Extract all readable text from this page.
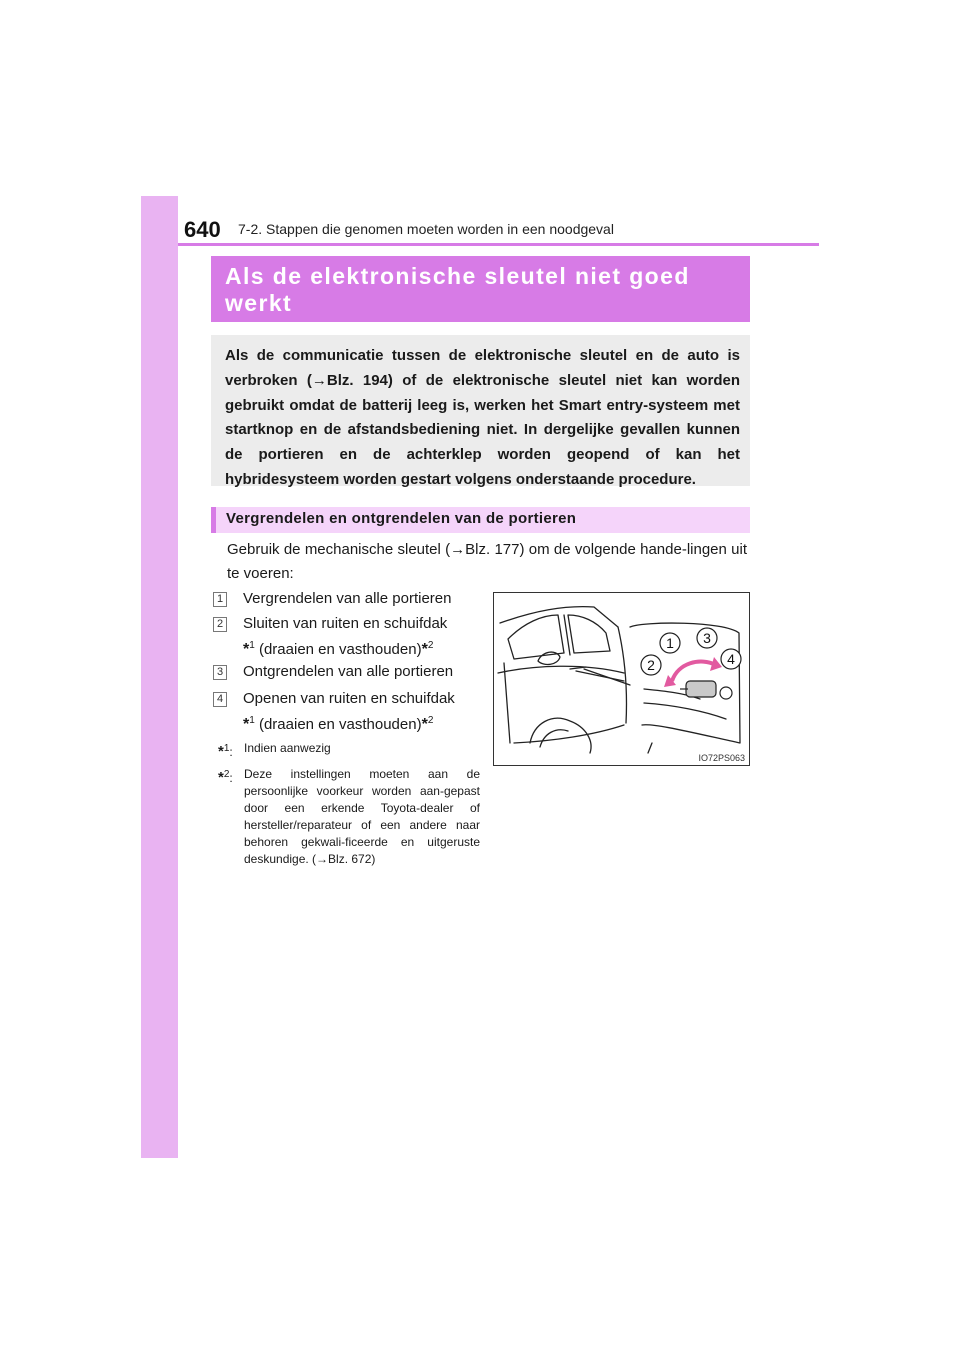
640 7-2. Stappen die genomen moeten worden in een noodgeval
Als de elektronische sleutel niet goed
werkt

Als de communicatie tussen de elektronische sleutel en de auto is verbroken (→Blz. 194) of de elektronische sleutel niet kan worden gebruikt omdat de batterij leeg is, werken het Smart entry-systeem met startknop en de afstandsbediening niet. In dergelijke gevallen kunnen de portieren en de achterklep worden geopend of kan het hybridesysteem worden gestart volgens onderstaande procedure.

Vergrendelen en ontgrendelen van de portieren
Gebruik de mechanische sleutel (→Blz. 177) om de volgende hande-lingen uit te voeren:
1 Vergrendelen van alle portieren
2 Sluiten van ruiten en schuifdak
*$^1$ (draaien en vasthouden)*$^2$
3 Ontgrendelen van alle portieren
4 Openen van ruiten en schuifdak
*$^1$ (draaien en vasthouden)*$^2$
*$^1$: Indien aanwezig
*$^2$: Deze instellingen moeten aan de persoonlijke voorkeur worden aan-gepast door een erkende Toyota-dealer of hersteller/reparateur of een andere naar behoren gekwali-ficeerde en uitgeruste deskundige. (→Blz. 672)
1
2
3
4
IO72PS063
